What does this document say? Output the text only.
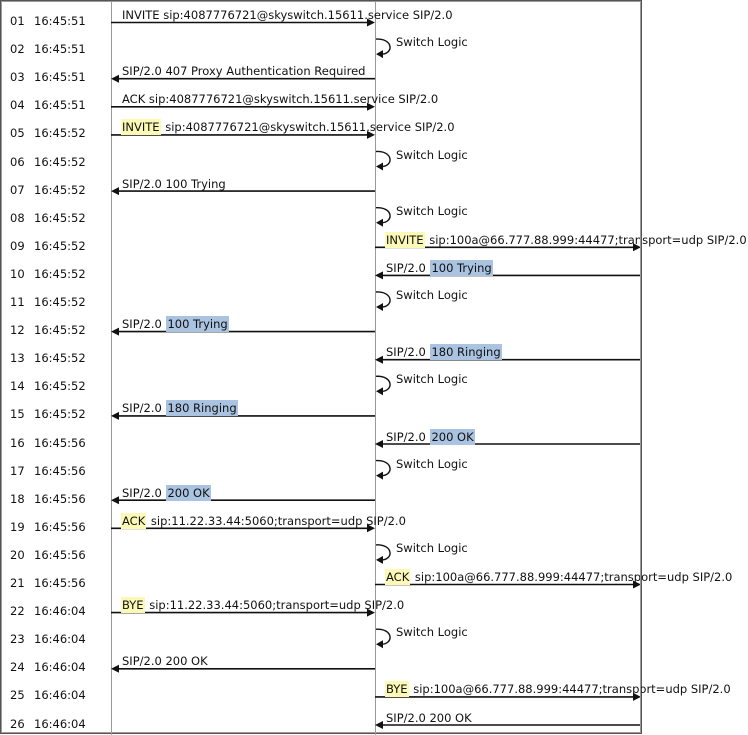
01 16:45:51	INVITE sip:4087776721@skyswitch.15611.service SIP/2.0
02 16:45:51	Switch Logic
03 16:45:51	SIP/2.0 407 Proxy Authentication Required
04 16:45:51	ACK sip:4087776721@skyswitch.15611.service SIP/2.0
05 16:45:52	INVITE sip:4087776721@skyswitch.15611.service SIP/2.0
06 16:45:52	Switch Logic
07 16:45:52	SIP/2.0 100 Trying
08 16:45:52	Switch Logic
09 16:45:52	INVITE sip:100a@66.777.88.999:44477;transport=udp SIP/2.0
10 16:45:52	SIP/2.0 100 Trying
11 16:45:52	Switch Logic
12 16:45:52	SIP/2.0 100 Trying
13 16:45:52	SIP/2.0 180 Ringing
14 16:45:52	Switch Logic
15 16:45:52	SIP/2.0 180 Ringing
16 16:45:56	SIP/2.0 200 OK
17 16:45:56	Switch Logic
18 16:45:56	SIP/2.0 200 OK
19 16:45:56	ACK sip:11.22.33.44:5060;transport=udp SIP/2.0
20 16:45:56	Switch Logic
21 16:45:56	ACK sip:100a@66.777.88.999:44477;transport=udp SIP/2.0
22 16:46:04	BYE sip:11.22.33.44:5060;transport=udp SIP/2.0
23 16:46:04	Switch Logic
24 16:46:04	SIP/2.0 200 OK
25 16:46:04	BYE sip:100a@66.777.88.999:44477;transport=udp SIP/2.0
26 16:46:04	SIP/2.0 200 OK
